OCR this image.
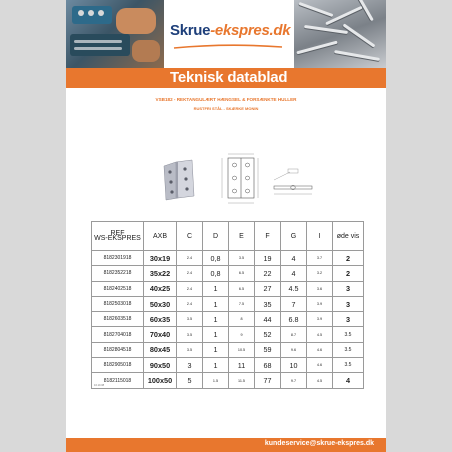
Skrue-ekspres.dk
Teknisk datablad
VSB182 - REKTANGULÆRT HÆNGSEL & FORSÆNKTE HULLER
RUSTFRI STÅL - SKÆRKE MONIN
REF
WS-EKSPRES	AXB	C	D	E	F	G	I	øde vis
8182301918	30x19	2.4	0,8	3.5	19	4	3.7	2
8182352218	35x22	2.4	0,8	6.5	22	4	3.2	2
8182402518	40x25	2.4	1	6.5	27	4.5	3.6	3
8182503018	50x30	2.4	1	7.5	35	7	3.9	3
8182603518	60x35	3.5	1	8	44	6.8	3.9	3
8182704018	70x40	3.5	1	9	52	8.7	4.5	3.5
8182804518	80x45	3.5	1	10.5	59	9.6	4.6	3.5
8182905018	90x50	3	1	11	68	10	4.6	3.5
8182115018	100x50	5	1.5	11.5	77	9.7	4.5	4
16.10.08
kundeservice@skrue-ekspres.dk
